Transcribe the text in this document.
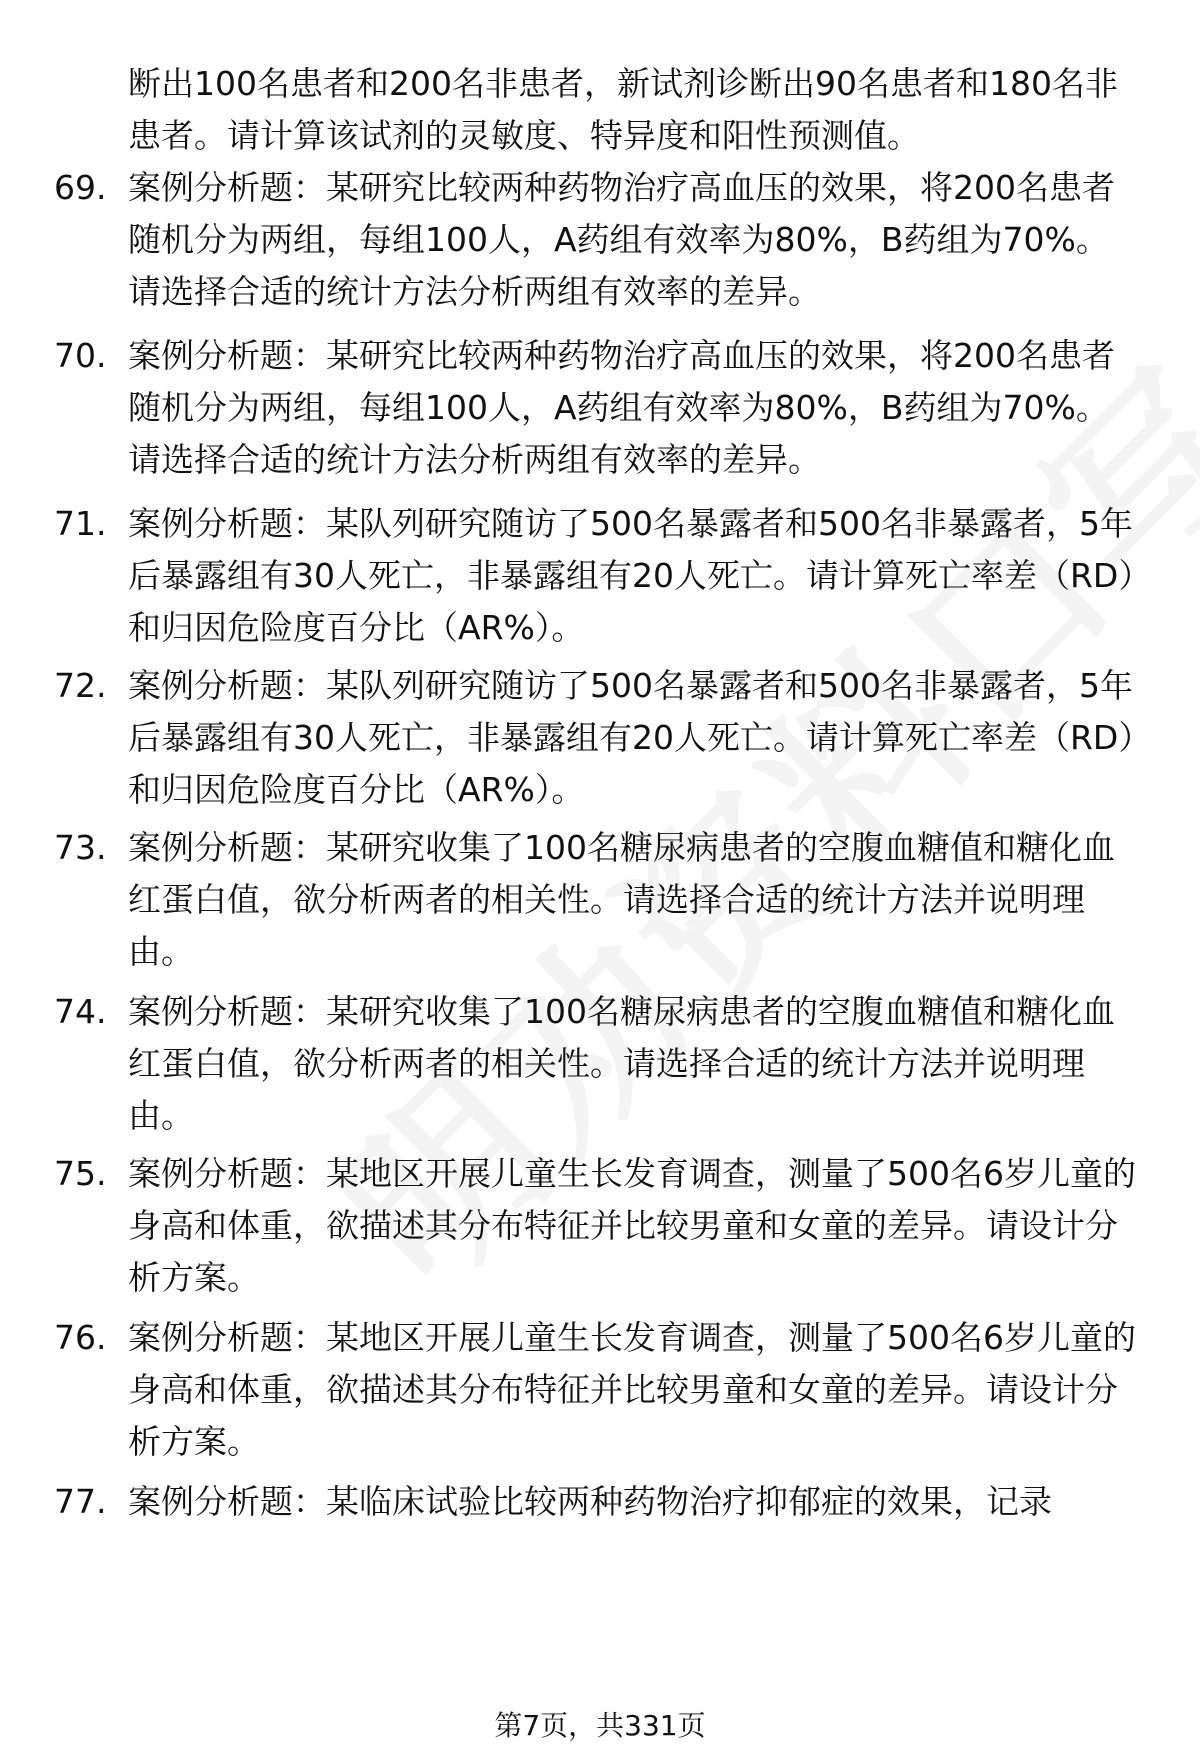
断出100名患者和200名非患者，新试剂诊断出90名患者和180名非患者。请计算该试剂的灵敏度、特异度和阳性预测值。
69. 案例分析题：某研究比较两种药物治疗高血压的效果，将200名患者随机分为两组，每组100人，A药组有效率为80%，B药组为70%。请选择合适的统计方法分析两组有效率的差异。
70. 案例分析题：某研究比较两种药物治疗高血压的效果，将200名患者随机分为两组，每组100人，A药组有效率为80%，B药组为70%。请选择合适的统计方法分析两组有效率的差异。
71. 案例分析题：某队列研究随访了500名暴露者和500名非暴露者，5年后暴露组有30人死亡，非暴露组有20人死亡。请计算死亡率差（RD）和归因危险度百分比（AR%）。
72. 案例分析题：某队列研究随访了500名暴露者和500名非暴露者，5年后暴露组有30人死亡，非暴露组有20人死亡。请计算死亡率差（RD）和归因危险度百分比（AR%）。
73. 案例分析题：某研究收集了100名糖尿病患者的空腹血糖值和糖化血红蛋白值，欲分析两者的相关性。请选择合适的统计方法并说明理由。
74. 案例分析题：某研究收集了100名糖尿病患者的空腹血糖值和糖化血红蛋白值，欲分析两者的相关性。请选择合适的统计方法并说明理由。
75. 案例分析题：某地区开展儿童生长发育调查，测量了500名6岁儿童的身高和体重，欲描述其分布特征并比较男童和女童的差异。请设计分析方案。
76. 案例分析题：某地区开展儿童生长发育调查，测量了500名6岁儿童的身高和体重，欲描述其分布特征并比较男童和女童的差异。请设计分析方案。
77. 案例分析题：某临床试验比较两种药物治疗抑郁症的效果，记录
第7页，共331页
